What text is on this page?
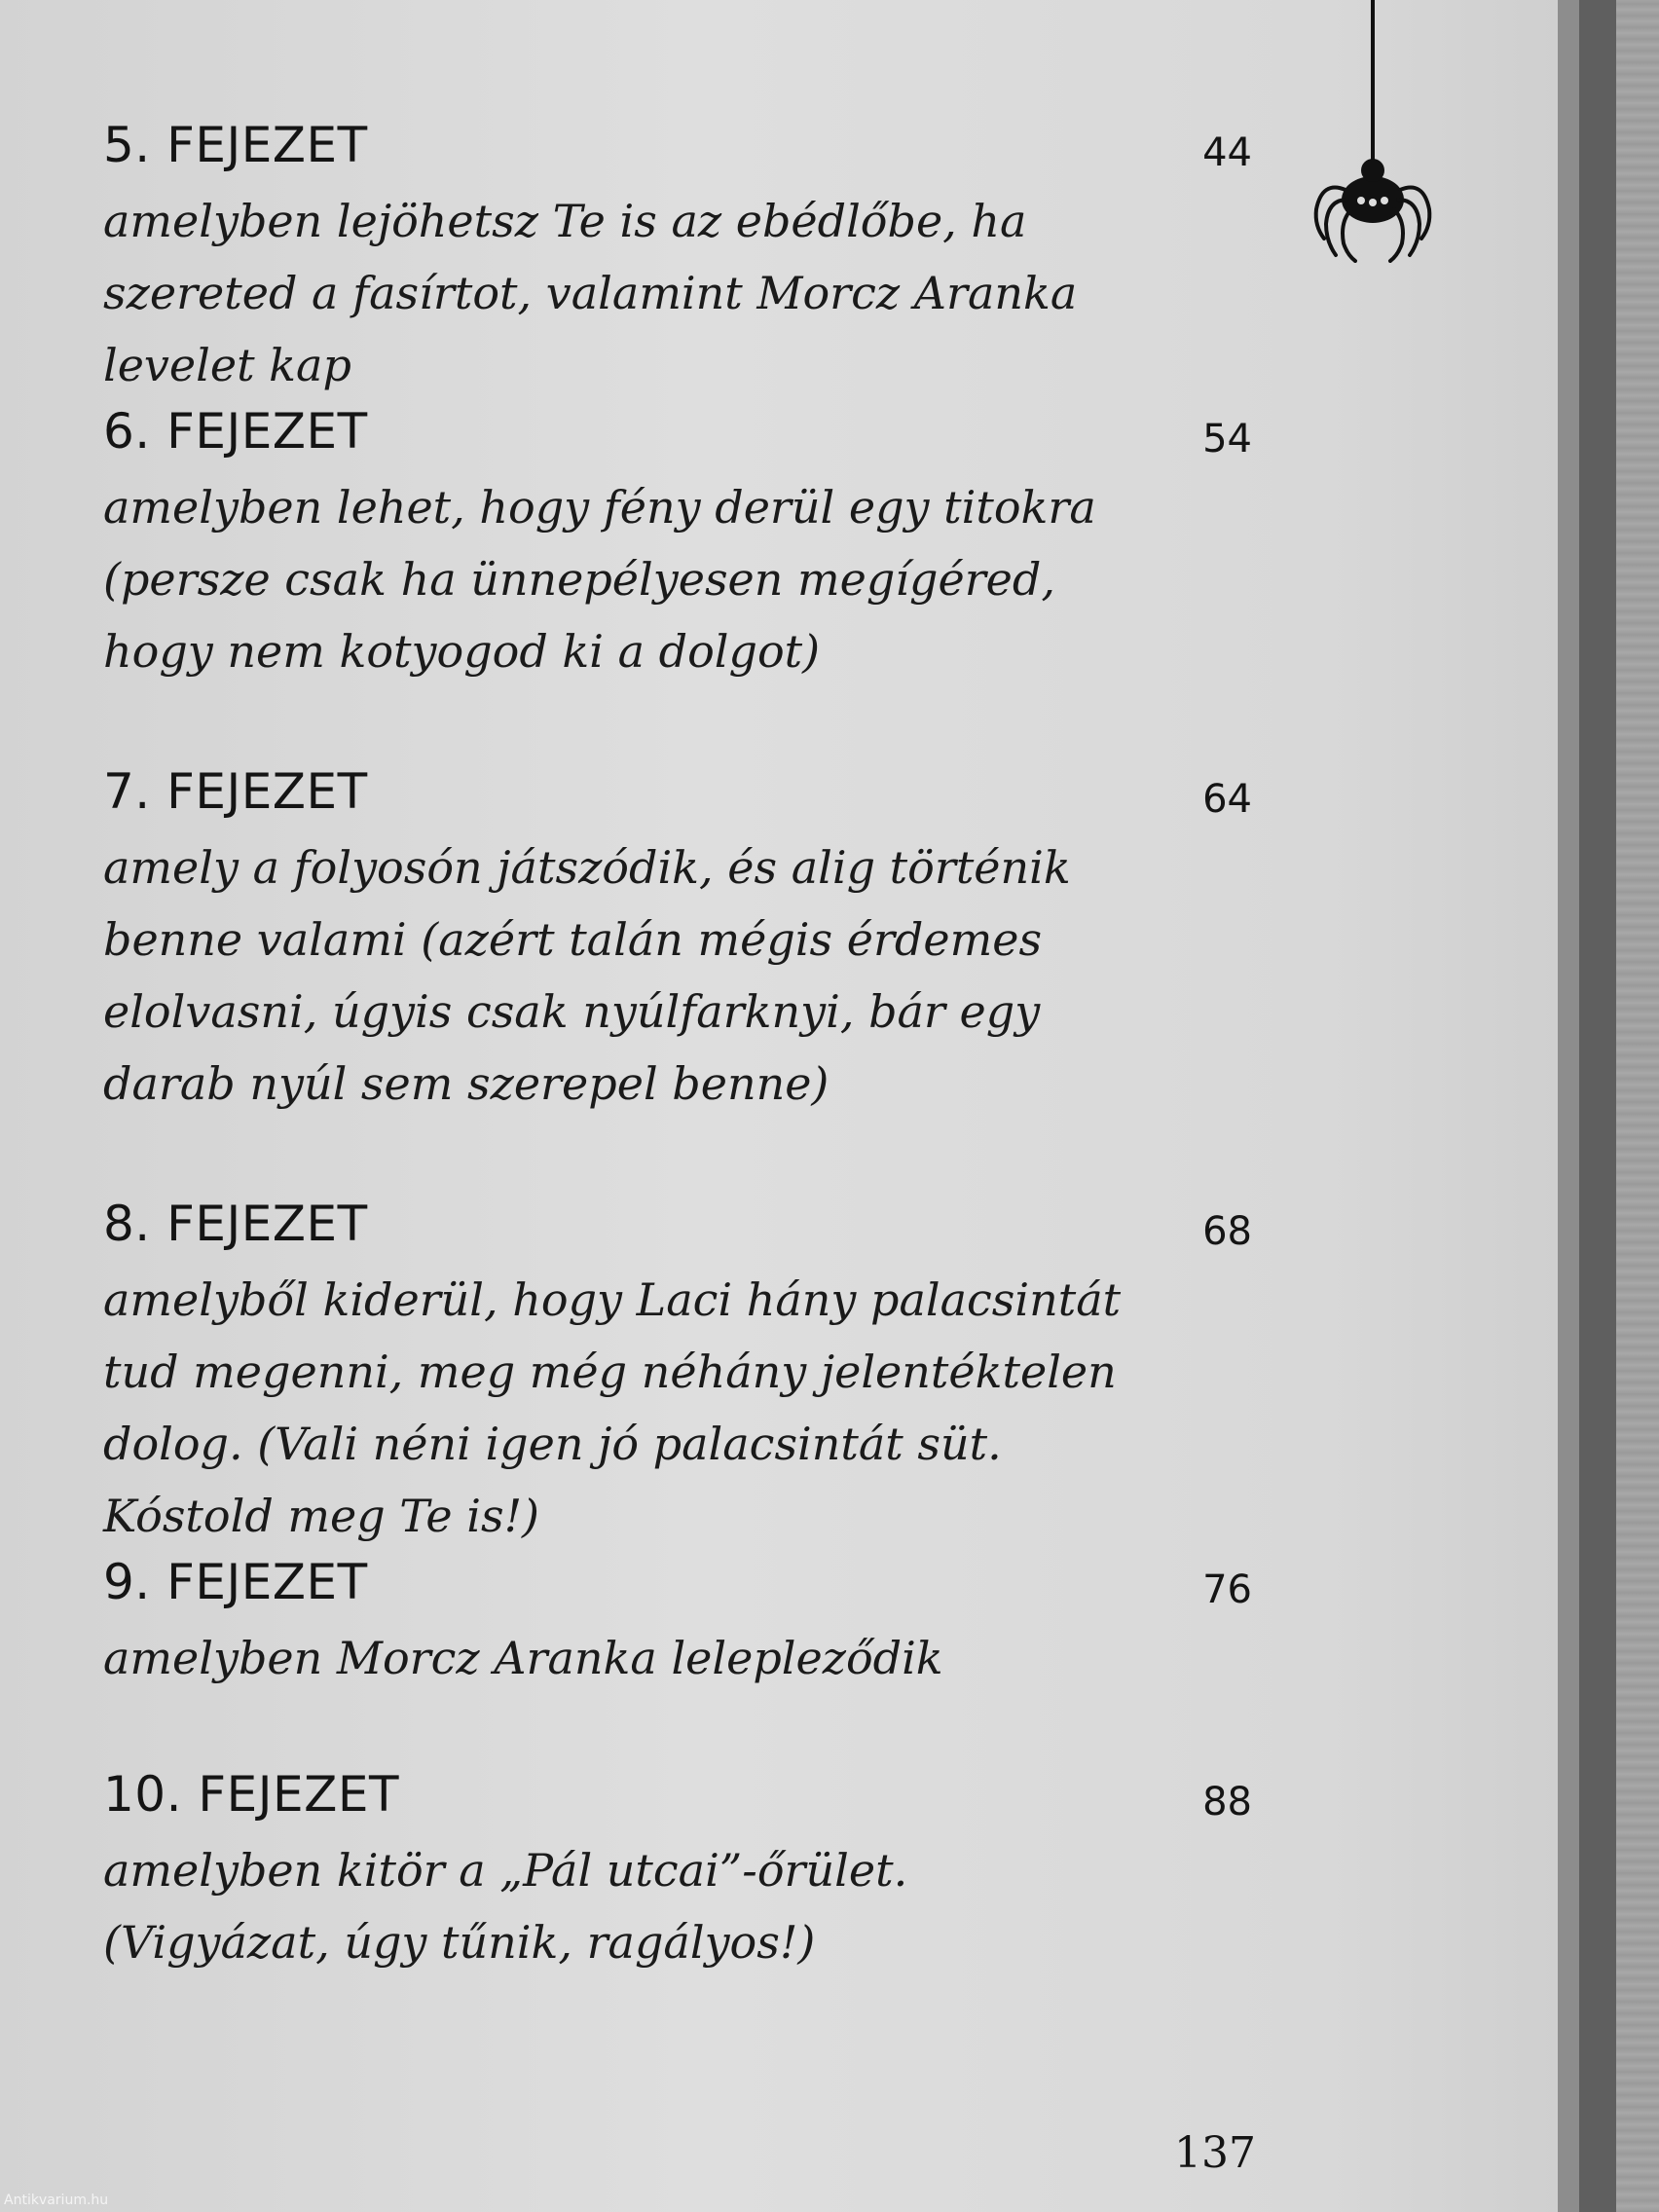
5. FEJEZET	44

amelyben lejöhetsz Te is az ebédlőbe, ha szereted a fasírtot, valamint Morcz Aranka levelet kap

6. FEJEZET	54

amelyben lehet, hogy fény derül egy titokra (persze csak ha ünnepélyesen megígéred, hogy nem kotyogod ki a dolgot)

7. FEJEZET	64

amely a folyosón játszódik, és alig történik benne valami (azért talán mégis érdemes elolvasni, úgyis csak nyúlfarknyi, bár egy darab nyúl sem szerepel benne)

8. FEJEZET	68

amelyből kiderül, hogy Laci hány palacsintát tud megenni, meg még néhány jelentéktelen dolog. (Vali néni igen jó palacsintát süt. Kóstold meg Te is!)

9. FEJEZET	76

amelyben Morcz Aranka lelepleződik

10. FEJEZET	88

amelyben kitör a „Pál utcai”-őrület. (Vigyázat, úgy tűnik, ragályos!)

137
Antikvarium.hu
